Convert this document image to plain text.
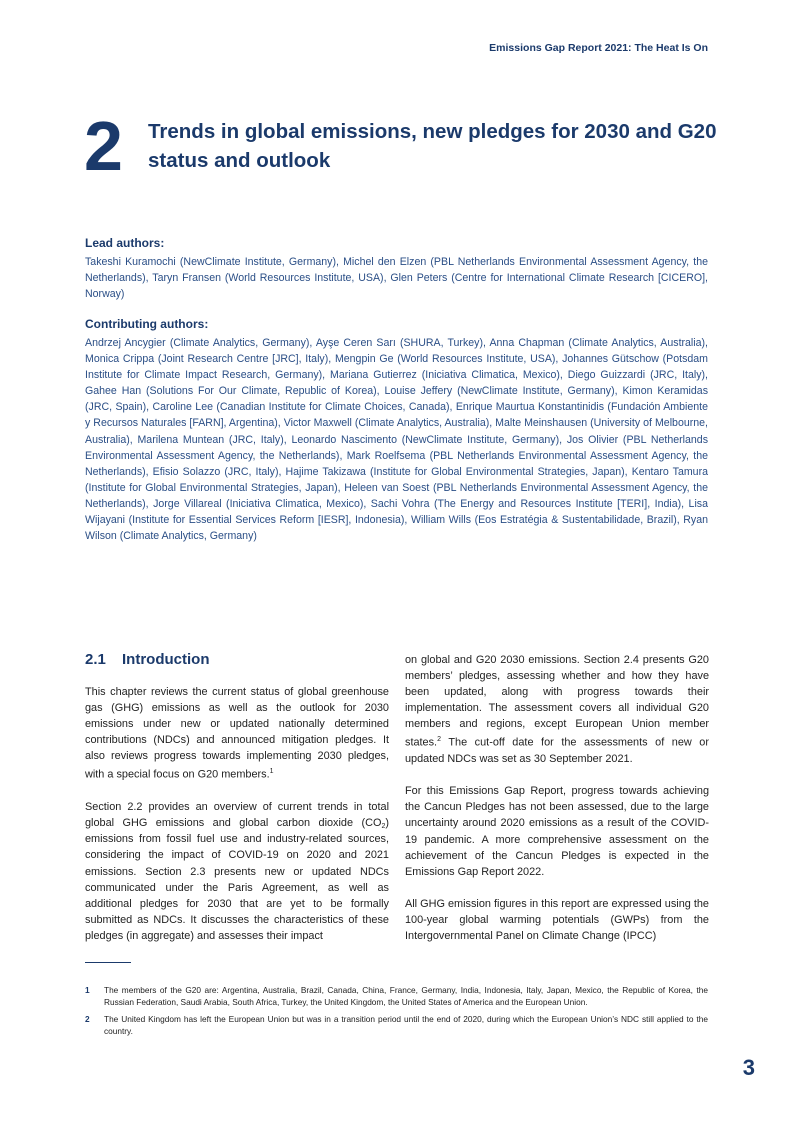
Emissions Gap Report 2021: The Heat Is On
2 Trends in global emissions, new pledges for 2030 and G20 status and outlook
Lead authors:
Takeshi Kuramochi (NewClimate Institute, Germany), Michel den Elzen (PBL Netherlands Environmental Assessment Agency, the Netherlands), Taryn Fransen (World Resources Institute, USA), Glen Peters (Centre for International Climate Research [CICERO], Norway)
Contributing authors:
Andrzej Ancygier (Climate Analytics, Germany), Ayşe Ceren Sarı (SHURA, Turkey), Anna Chapman (Climate Analytics, Australia), Monica Crippa (Joint Research Centre [JRC], Italy), Mengpin Ge (World Resources Institute, USA), Johannes Gütschow (Potsdam Institute for Climate Impact Research, Germany), Mariana Gutierrez (Iniciativa Climatica, Mexico), Diego Guizzardi (JRC, Italy), Gahee Han (Solutions For Our Climate, Republic of Korea), Louise Jeffery (NewClimate Institute, Germany), Kimon Keramidas (JRC, Spain), Caroline Lee (Canadian Institute for Climate Choices, Canada), Enrique Maurtua Konstantinidis (Fundación Ambiente y Recursos Naturales [FARN], Argentina), Victor Maxwell (Climate Analytics, Australia), Malte Meinshausen (University of Melbourne, Australia), Marilena Muntean (JRC, Italy), Leonardo Nascimento (NewClimate Institute, Germany), Jos Olivier (PBL Netherlands Environmental Assessment Agency, the Netherlands), Mark Roelfsema (PBL Netherlands Environmental Assessment Agency, the Netherlands), Efisio Solazzo (JRC, Italy), Hajime Takizawa (Institute for Global Environmental Strategies, Japan), Kentaro Tamura (Institute for Global Environmental Strategies, Japan), Heleen van Soest (PBL Netherlands Environmental Assessment Agency, the Netherlands), Jorge Villareal (Iniciativa Climatica, Mexico), Sachi Vohra (The Energy and Resources Institute [TERI], India), Lisa Wijayani (Institute for Essential Services Reform [IESR], Indonesia), William Wills (Eos Estratégia & Sustentabilidade, Brazil), Ryan Wilson (Climate Analytics, Germany)
2.1 Introduction

This chapter reviews the current status of global greenhouse gas (GHG) emissions as well as the outlook for 2030 emissions under new or updated nationally determined contributions (NDCs) and announced mitigation pledges. It also reviews progress towards implementing 2030 pledges, with a special focus on G20 members.$^1$

Section 2.2 provides an overview of current trends in total global GHG emissions and global carbon dioxide $(CO_2)$ emissions from fossil fuel use and industry-related sources, considering the impact of COVID-19 on 2020 and 2021 emissions. Section 2.3 presents new or updated NDCs communicated under the Paris Agreement, as well as additional pledges for 2030 that are yet to be formally submitted as NDCs. It discusses the characteristics of these pledges (in aggregate) and assesses their impact

on global and G20 2030 emissions. Section 2.4 presents G20 members’ pledges, assessing whether and how they have been updated, along with progress towards their implementation. The assessment covers all individual G20 members and regions, except European Union member states.$^2$ The cut-off date for the assessments of new or updated NDCs was set as 30 September 2021.

For this Emissions Gap Report, progress towards achieving the Cancun Pledges has not been assessed, due to the large uncertainty around 2020 emissions as a result of the COVID-19 pandemic. A more comprehensive assessment on the achievement of the Cancun Pledges is expected in the Emissions Gap Report 2022.

All GHG emission figures in this report are expressed using the 100-year global warming potentials (GWPs) from the Intergovernmental Panel on Climate Change (IPCC)

1	The members of the G20 are: Argentina, Australia, Brazil, Canada, China, France, Germany, India, Indonesia, Italy, Japan, Mexico, the Republic of Korea, the Russian Federation, Saudi Arabia, South Africa, Turkey, the United Kingdom, the United States of America and the European Union.
2	The United Kingdom has left the European Union but was in a transition period until the end of 2020, during which the European Union’s NDC still applied to the country.
3
